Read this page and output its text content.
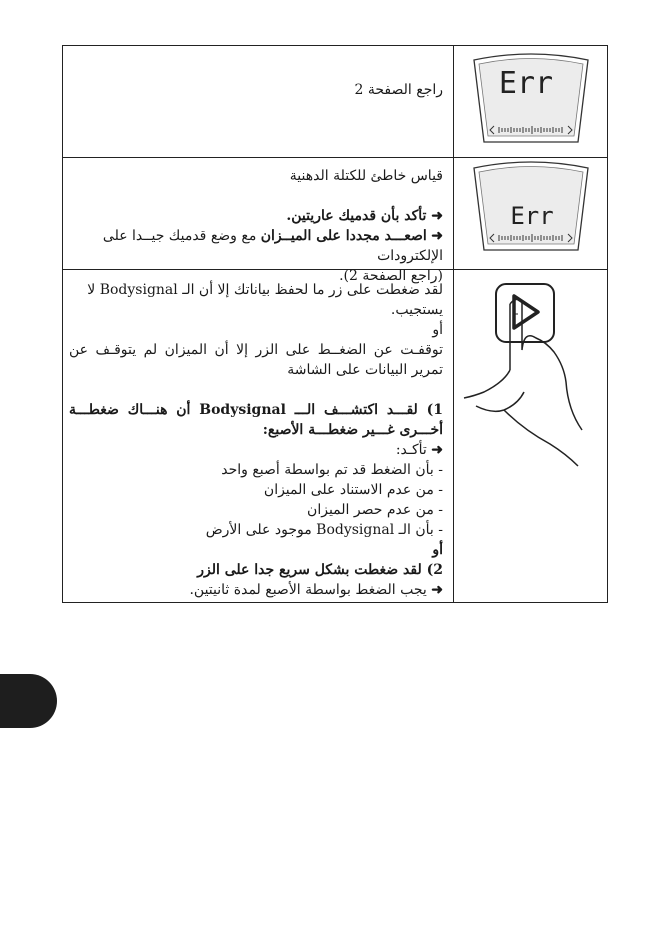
راجع الصفحة 2 Err

قياس خاطئ للكتلة الدهنية

➜ تأكد بأن قدميك عاريتين.

➜ اصعـــد مجددا على الميــزان مع وضع قدميك جيــدا على الإلكترودات

(راجع الصفحة 2).

Err

لقد ضغطت على زر ما لحفظ بياناتك إلا أن الـ Bodysignal لا يستجيب.

أو

توقفـت عن الضغــط على الزر إلا أن الميزان لم يتوقـف عن تمرير البيانات على الشاشة

1) لقـــد اكتشـــف الـــ Bodysignal أن هنـــاك ضغطـــة أخـــرى غـــير ضغطـــة الأصبع:

➜ تأكـد:

- بأن الضغط قد تم بواسطة أصبع واحد

- من عدم الاستناد على الميزان

- من عدم حصر الميزان

- بأن الـ Bodysignal موجود على الأرض

أو

2) لقد ضغطت بشكل سريع جدا على الزر

➜ يجب الضغط بواسطة الأصبع لمدة ثانيتين.
